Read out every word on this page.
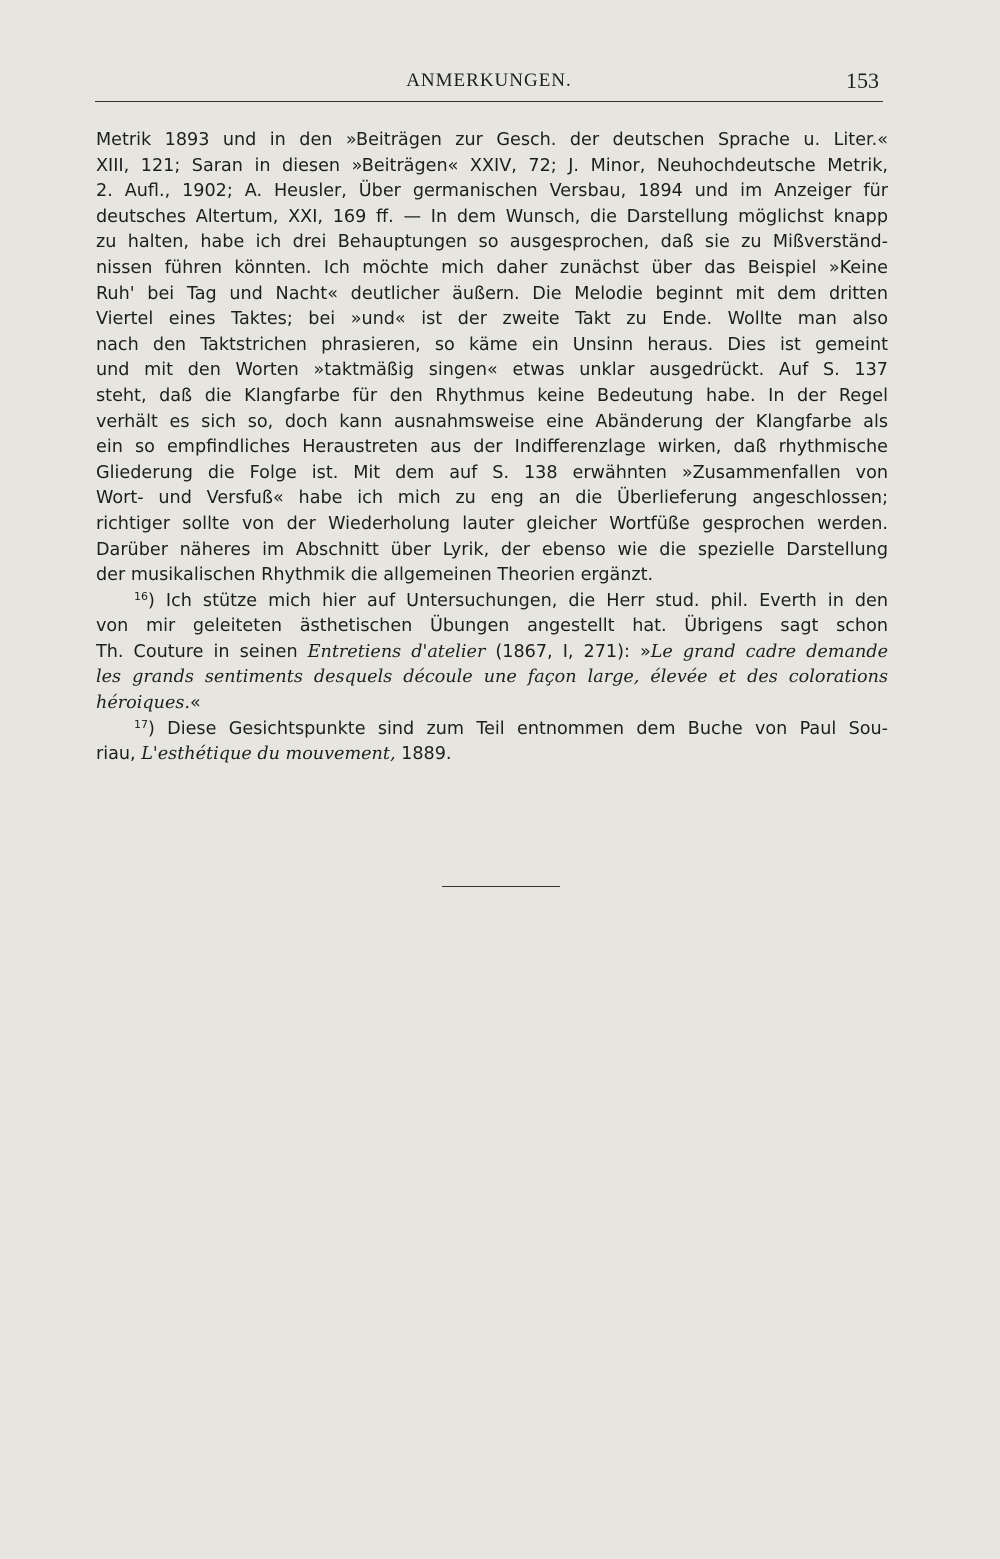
ANMERKUNGEN.	153
Metrik 1893 und in den »Beiträgen zur Gesch. der deutschen Sprache u. Liter.«
XIII, 121; Saran in diesen »Beiträgen« XXIV, 72; J. Minor, Neuhochdeutsche Metrik,
2. Aufl., 1902; A. Heusler, Über germanischen Versbau, 1894 und im Anzeiger für
deutsches Altertum, XXI, 169 ff. — In dem Wunsch, die Darstellung möglichst knapp
zu halten, habe ich drei Behauptungen so ausgesprochen, daß sie zu Mißverständ-
nissen führen könnten. Ich möchte mich daher zunächst über das Beispiel »Keine
Ruh' bei Tag und Nacht« deutlicher äußern. Die Melodie beginnt mit dem dritten
Viertel eines Taktes; bei »und« ist der zweite Takt zu Ende. Wollte man also
nach den Taktstrichen phrasieren, so käme ein Unsinn heraus. Dies ist gemeint
und mit den Worten »taktmäßig singen« etwas unklar ausgedrückt. Auf S. 137
steht, daß die Klangfarbe für den Rhythmus keine Bedeutung habe. In der Regel
verhält es sich so, doch kann ausnahmsweise eine Abänderung der Klangfarbe als
ein so empfindliches Heraustreten aus der Indifferenzlage wirken, daß rhythmische
Gliederung die Folge ist. Mit dem auf S. 138 erwähnten »Zusammenfallen von
Wort- und Versfuß« habe ich mich zu eng an die Überlieferung angeschlossen;
richtiger sollte von der Wiederholung lauter gleicher Wortfüße gesprochen werden.
Darüber näheres im Abschnitt über Lyrik, der ebenso wie die spezielle Darstellung
der musikalischen Rhythmik die allgemeinen Theorien ergänzt.
$^{16}$) Ich stütze mich hier auf Untersuchungen, die Herr stud. phil. Everth in den
von mir geleiteten ästhetischen Übungen angestellt hat. Übrigens sagt schon
Th. Couture in seinen Entretiens d'atelier (1867, I, 271): »Le grand cadre demande
les grands sentiments desquels découle une façon large, élevée et des colorations
héroiques.«
$^{17}$) Diese Gesichtspunkte sind zum Teil entnommen dem Buche von Paul Sou-
riau, L'esthétique du mouvement, 1889.
